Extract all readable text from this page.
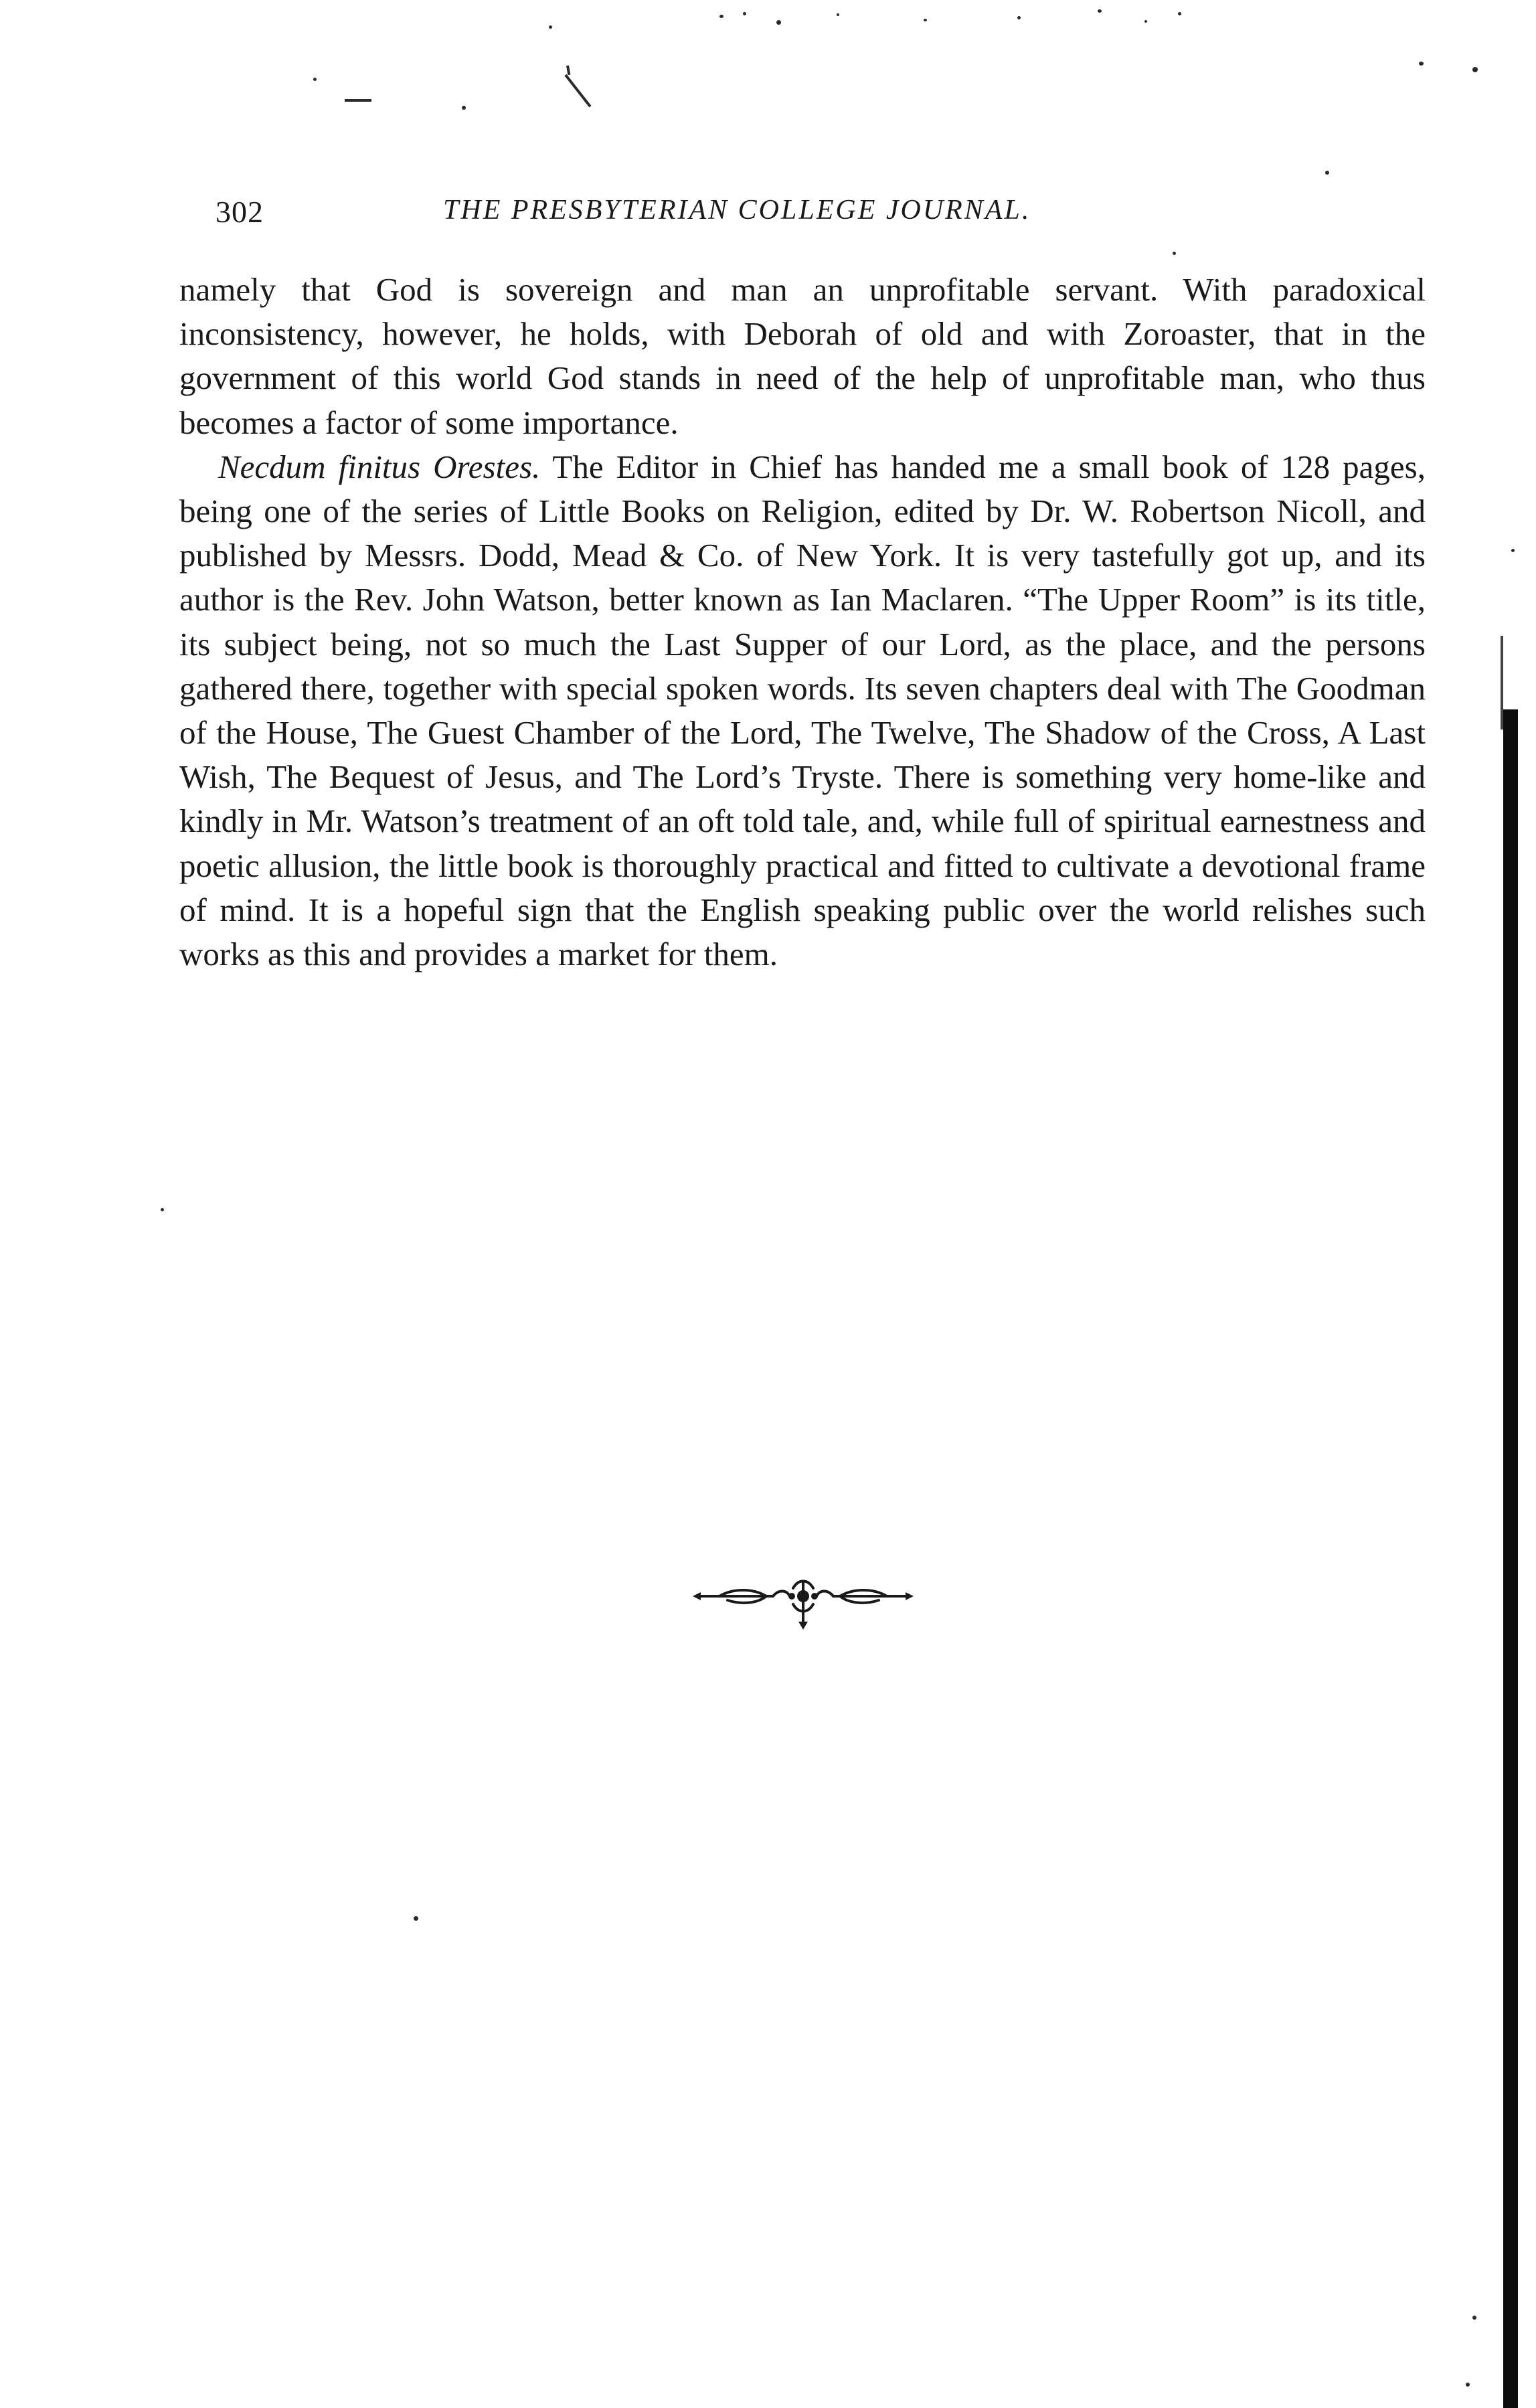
302	THE PRESBYTERIAN COLLEGE JOURNAL.

namely that God is sovereign and man an unprofitable servant. With paradoxical inconsistency, however, he holds, with Deborah of old and with Zoroaster, that in the government of this world God stands in need of the help of unprofitable man, who thus becomes a factor of some importance.

Necdum finitus Orestes. The Editor in Chief has handed me a small book of 128 pages, being one of the series of Little Books on Religion, edited by Dr. W. Robertson Nicoll, and published by Messrs. Dodd, Mead & Co. of New York. It is very tastefully got up, and its author is the Rev. John Watson, better known as Ian Maclaren. “The Upper Room” is its title, its subject being, not so much the Last Supper of our Lord, as the place, and the persons gathered there, together with special spoken words. Its seven chapters deal with The Goodman of the House, The Guest Chamber of the Lord, The Twelve, The Shadow of the Cross, A Last Wish, The Bequest of Jesus, and The Lord’s Tryste. There is something very home-like and kindly in Mr. Watson’s treatment of an oft told tale, and, while full of spiritual earnestness and poetic allusion, the little book is thoroughly practical and fitted to cultivate a devotional frame of mind. It is a hopeful sign that the English speaking public over the world relishes such works as this and provides a market for them.
